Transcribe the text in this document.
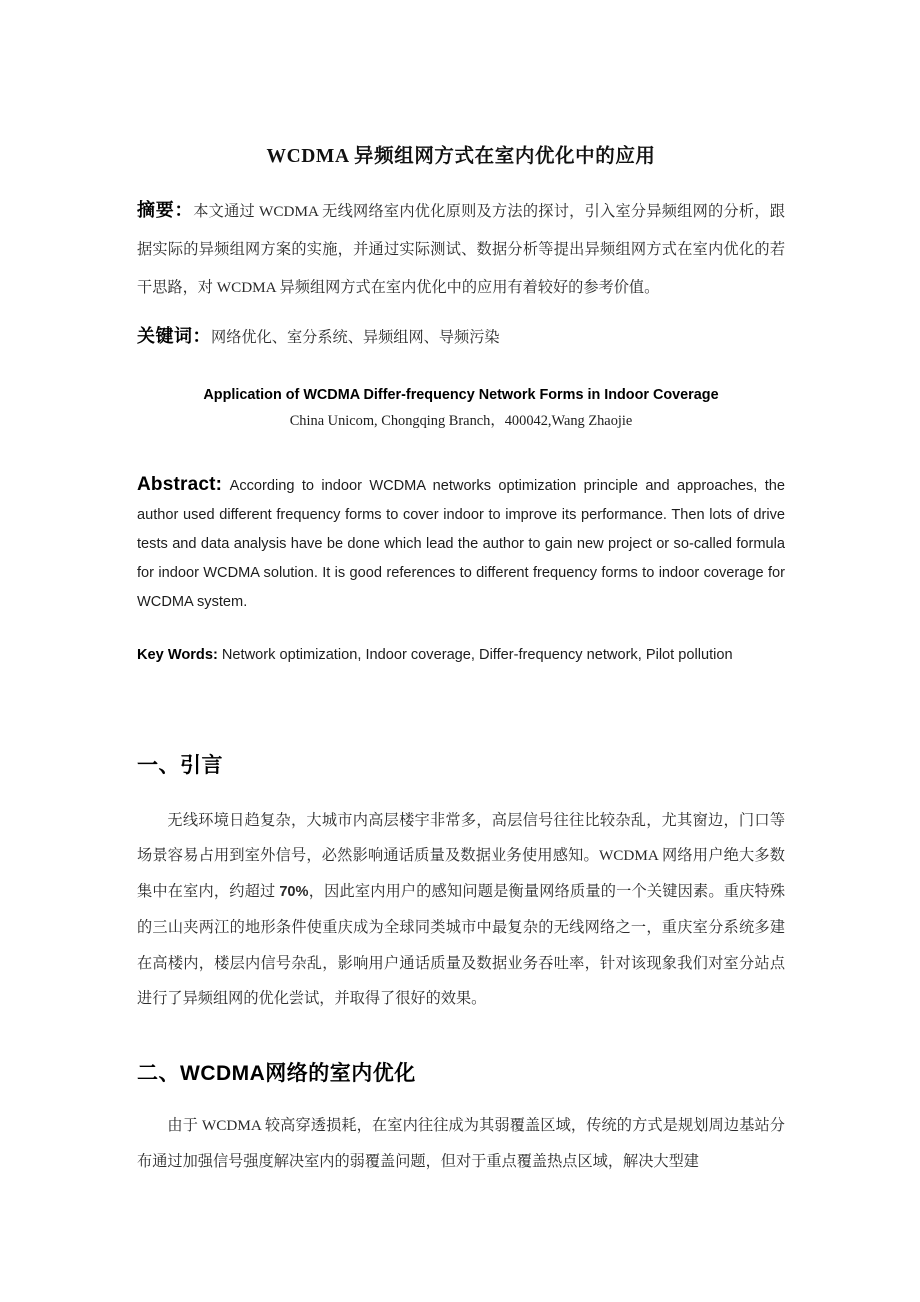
WCDMA 异频组网方式在室内优化中的应用

摘要：本文通过 WCDMA 无线网络室内优化原则及方法的探讨，引入室分异频组网的分析，跟据实际的异频组网方案的实施，并通过实际测试、数据分析等提出异频组网方式在室内优化的若干思路，对 WCDMA 异频组网方式在室内优化中的应用有着较好的参考价值。

关键词：网络优化、室分系统、异频组网、导频污染

Application of WCDMA Differ-frequency Network Forms in Indoor Coverage

China Unicom, Chongqing Branch，400042,Wang Zhaojie

Abstract: According to indoor WCDMA networks optimization principle and approaches, the author used different frequency forms to cover indoor to improve its performance. Then lots of drive tests and data analysis have be done which lead the author to gain new project or so-called formula for indoor WCDMA solution. It is good references to different frequency forms to indoor coverage for WCDMA system.

Key Words: Network optimization, Indoor coverage, Differ-frequency network, Pilot pollution

一、引言

无线环境日趋复杂，大城市内高层楼宇非常多，高层信号往往比较杂乱，尤其窗边，门口等场景容易占用到室外信号，必然影响通话质量及数据业务使用感知。WCDMA 网络用户绝大多数集中在室内，约超过 70%，因此室内用户的感知问题是衡量网络质量的一个关键因素。重庆特殊的三山夹两江的地形条件使重庆成为全球同类城市中最复杂的无线网络之一，重庆室分系统多建在高楼内，楼层内信号杂乱，影响用户通话质量及数据业务吞吐率，针对该现象我们对室分站点进行了异频组网的优化尝试，并取得了很好的效果。

二、WCDMA网络的室内优化

由于 WCDMA 较高穿透损耗，在室内往往成为其弱覆盖区域，传统的方式是规划周边基站分布通过加强信号强度解决室内的弱覆盖问题，但对于重点覆盖热点区域，解决大型建
